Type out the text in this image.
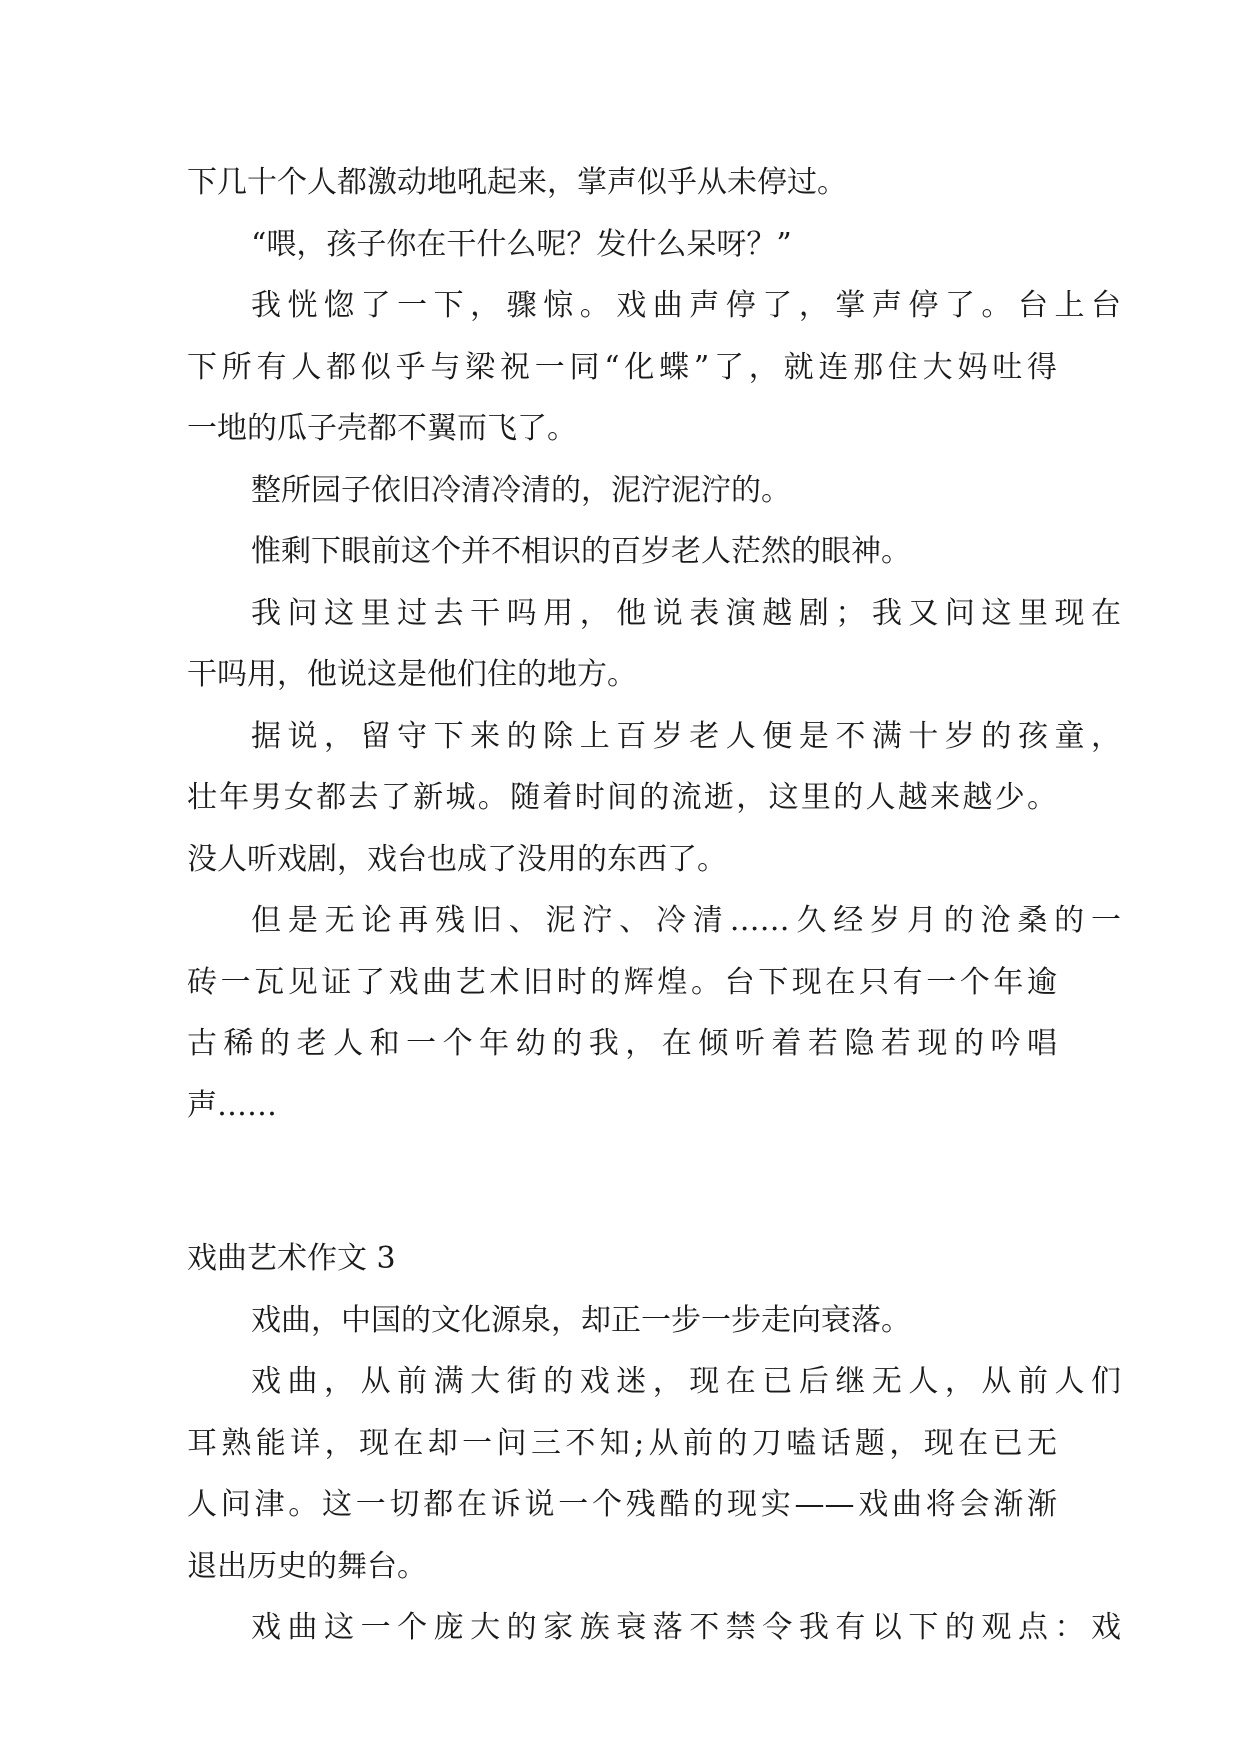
下几十个人都激动地吼起来，掌声似乎从未停过。
“喂，孩子你在干什么呢？发什么呆呀？”
我恍惚了一下，骤惊。戏曲声停了，掌声停了。台上台
下所有人都似乎与梁祝一同“化蝶”了，就连那住大妈吐得
一地的瓜子壳都不翼而飞了。
整所园子依旧冷清冷清的，泥泞泥泞的。
惟剩下眼前这个并不相识的百岁老人茫然的眼神。
我问这里过去干吗用，他说表演越剧；我又问这里现在
干吗用，他说这是他们住的地方。
据说，留守下来的除上百岁老人便是不满十岁的孩童，
壮年男女都去了新城。随着时间的流逝，这里的人越来越少。
没人听戏剧，戏台也成了没用的东西了。
但是无论再残旧、泥泞、冷清……久经岁月的沧桑的一
砖一瓦见证了戏曲艺术旧时的辉煌。台下现在只有一个年逾
古稀的老人和一个年幼的我，在倾听着若隐若现的吟唱
声……
戏曲艺术作文 3
戏曲，中国的文化源泉，却正一步一步走向衰落。
戏曲，从前满大街的戏迷，现在已后继无人，从前人们
耳熟能详，现在却一问三不知;从前的刀嗑话题，现在已无
人问津。这一切都在诉说一个残酷的现实——戏曲将会渐渐
退出历史的舞台。
戏曲这一个庞大的家族衰落不禁令我有以下的观点：戏
